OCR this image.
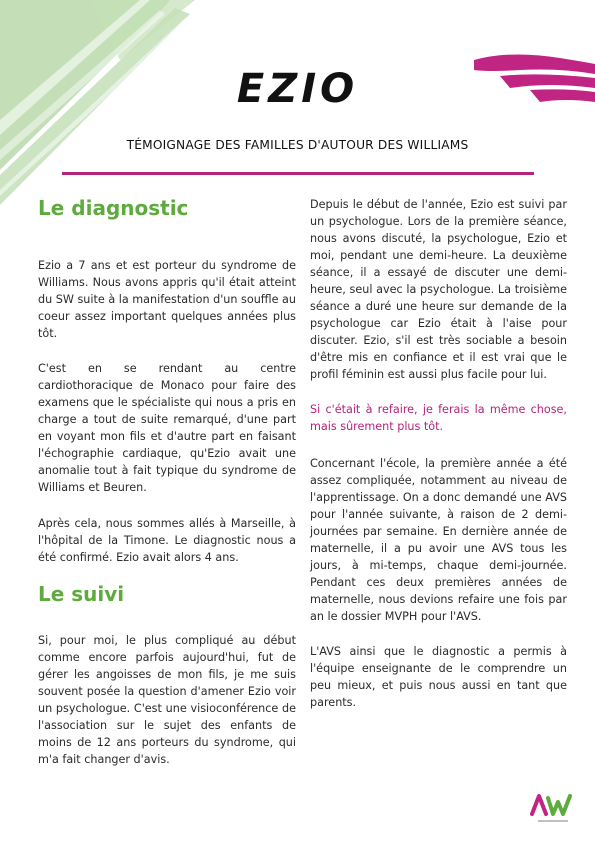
EZIO

TÉMOIGNAGE DES FAMILLES D'AUTOUR DES WILLIAMS

Le diagnostic

Ezio a 7 ans et est porteur du syndrome de Williams. Nous avons appris qu'il était atteint du SW suite à la manifestation d'un souffle au coeur assez important quelques années plus tôt.

C'est en se rendant au centre cardiothoracique de Monaco pour faire des examens que le spécialiste qui nous a pris en charge a tout de suite remarqué, d'une part en voyant mon fils et d'autre part en faisant l'échographie cardiaque, qu'Ezio avait une anomalie tout à fait typique du syndrome de Williams et Beuren.

Après cela, nous sommes allés à Marseille, à l'hôpital de la Timone. Le diagnostic nous a été confirmé. Ezio avait alors 4 ans.

Le suivi

Si, pour moi, le plus compliqué au début comme encore parfois aujourd'hui, fut de gérer les angoisses de mon fils, je me suis souvent posée la question d'amener Ezio voir un psychologue. C'est une visioconférence de l'association sur le sujet des enfants de moins de 12 ans porteurs du syndrome, qui m'a fait changer d'avis.

Depuis le début de l'année, Ezio est suivi par un psychologue. Lors de la première séance, nous avons discuté, la psychologue, Ezio et moi, pendant une demi-heure. La deuxième séance, il a essayé de discuter une demi-heure, seul avec la psychologue. La troisième séance a duré une heure sur demande de la psychologue car Ezio était à l'aise pour discuter. Ezio, s'il est très sociable a besoin d'être mis en confiance et il est vrai que le profil féminin est aussi plus facile pour lui.

Si c'était à refaire, je ferais la même chose, mais sûrement plus tôt.

Concernant l'école, la première année a été assez compliquée, notamment au niveau de l'apprentissage. On a donc demandé une AVS pour l'année suivante, à raison de 2 demi-journées par semaine. En dernière année de maternelle, il a pu avoir une AVS tous les jours, à mi-temps, chaque demi-journée. Pendant ces deux premières années de maternelle, nous devions refaire une fois par an le dossier MVPH pour l'AVS.

L'AVS ainsi que le diagnostic a permis à l'équipe enseignante de le comprendre un peu mieux, et puis nous aussi en tant que parents.
